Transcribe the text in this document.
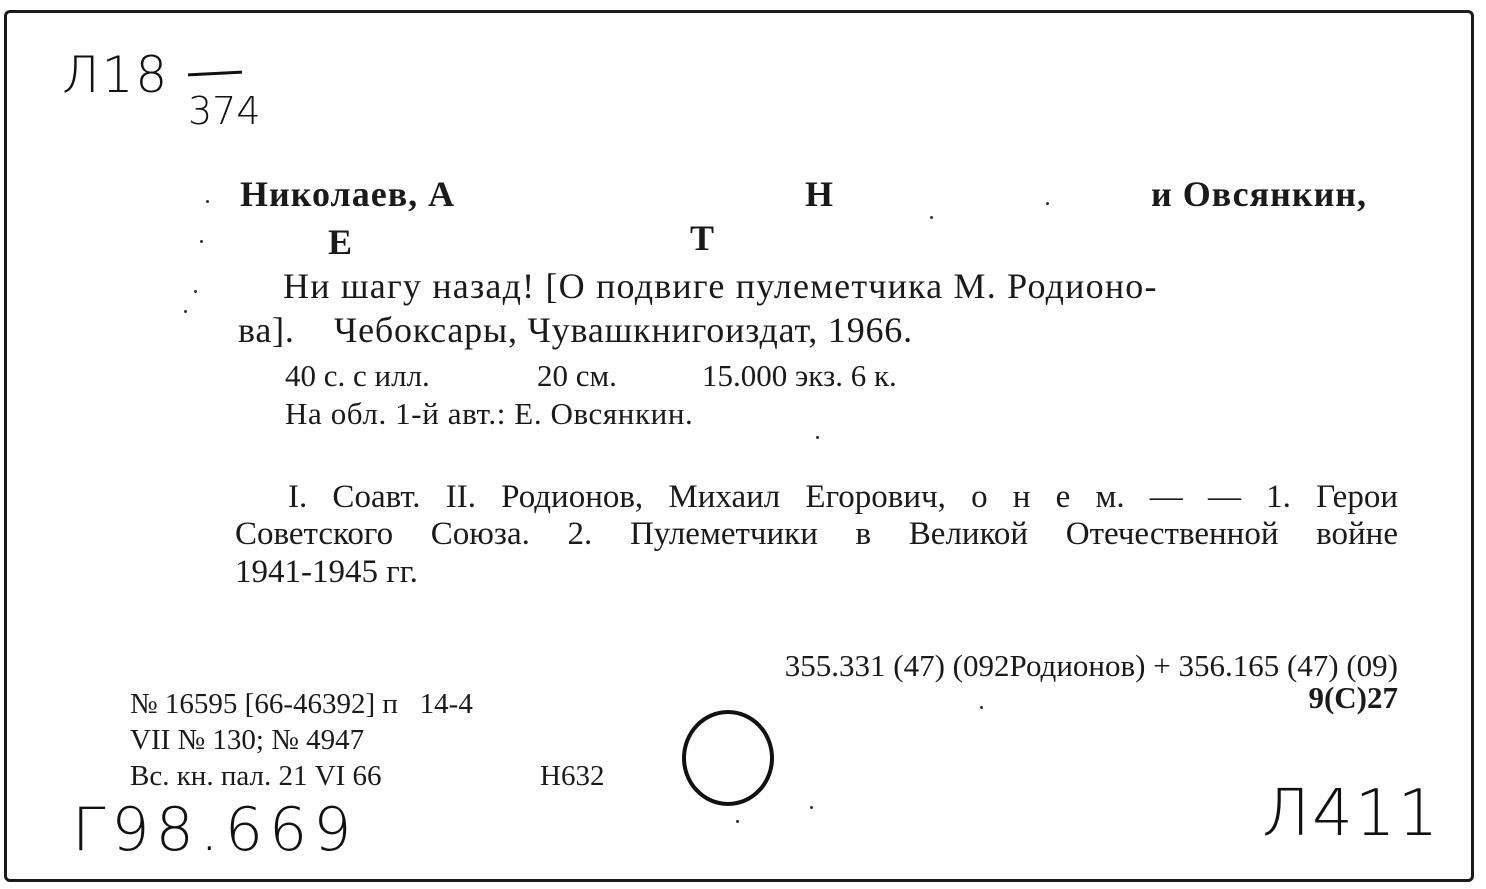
Л18
374
Николаев, А	Н	и Овсянкин,
Е	Т
Ни шагу назад! [О подвиге пулеметчика М. Родионо-
ва].    Чебоксары, Чувашкнигоиздат, 1966.
40 с. с илл.	20 см.	15.000 экз. 6 к.
На обл. 1-й авт.: Е. Овсянкин.
I. Соавт. II. Родионов, Михаил Егорович, о н е м. — — 1. Герои
Советского Союза. 2. Пулеметчики в Великой Отечественной войне
1941-1945 гг.
355.331 (47) (092Родионов) + 356.165 (47) (09)
9(С)27
№ 16595 [66-46392] п   14-4
VII № 130; № 4947
Вс. кн. пал. 21 VI 66	Н632
Г98.669	Л411
